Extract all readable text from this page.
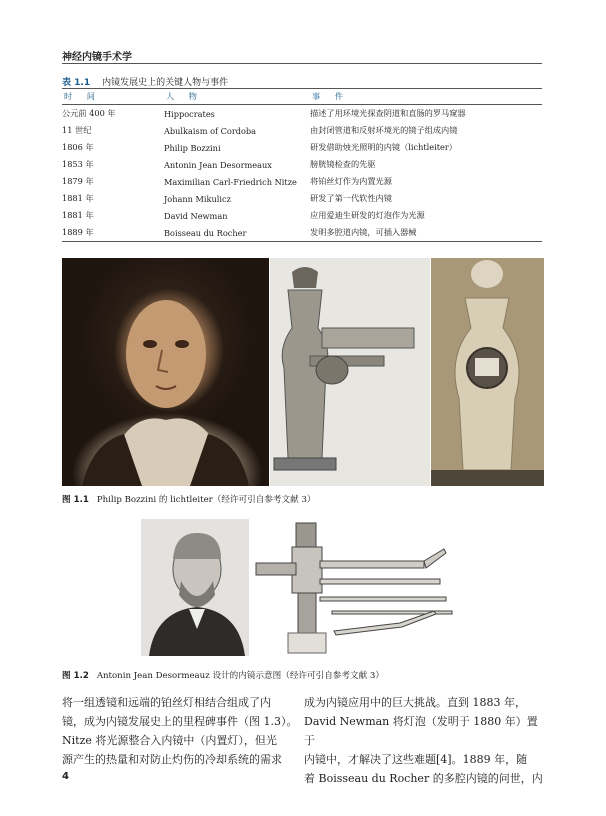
神经内镜手术学
表 1.1 内镜发展史上的关键人物与事件
时 间	人 物	事 件
公元前 400 年	Hippocrates	描述了用环境光探查阴道和直肠的罗马窥器
11 世纪	Abulkaism of Cordoba	由封闭管道和反射环境光的镜子组成内镜
1806 年	Philip Bozzini	研发借助烛光照明的内镜（lichtleiter）
1853 年	Antonin Jean Desormeaux	膀胱镜检查的先驱
1879 年	Maximilian Carl-Friedrich Nitze	将铂丝灯作为内置光源
1881 年	Johann Mikulicz	研发了第一代软性内镜
1881 年	David Newman	应用爱迪生研发的灯泡作为光源
1889 年	Boisseau du Rocher	发明多腔道内镜，可插入器械
图 1.1 Philip Bozzini 的 lichtleiter（经许可引自参考文献 3）
图 1.2 Antonin Jean Desormeauz 设计的内镜示意图（经许可引自参考文献 3）
将一组透镜和远端的铂丝灯相结合组成了内
镜，成为内镜发展史上的里程碑事件（图 1.3）。
Nitze 将光源整合入内镜中（内置灯），但光
源产生的热量和对防止灼伤的冷却系统的需求
成为内镜应用中的巨大挑战。直到 1883 年，
David Newman 将灯泡（发明于 1880 年）置于
内镜中，才解决了这些难题[4]。1889 年，随
着 Boisseau du Rocher 的多腔内镜的问世，内
4
